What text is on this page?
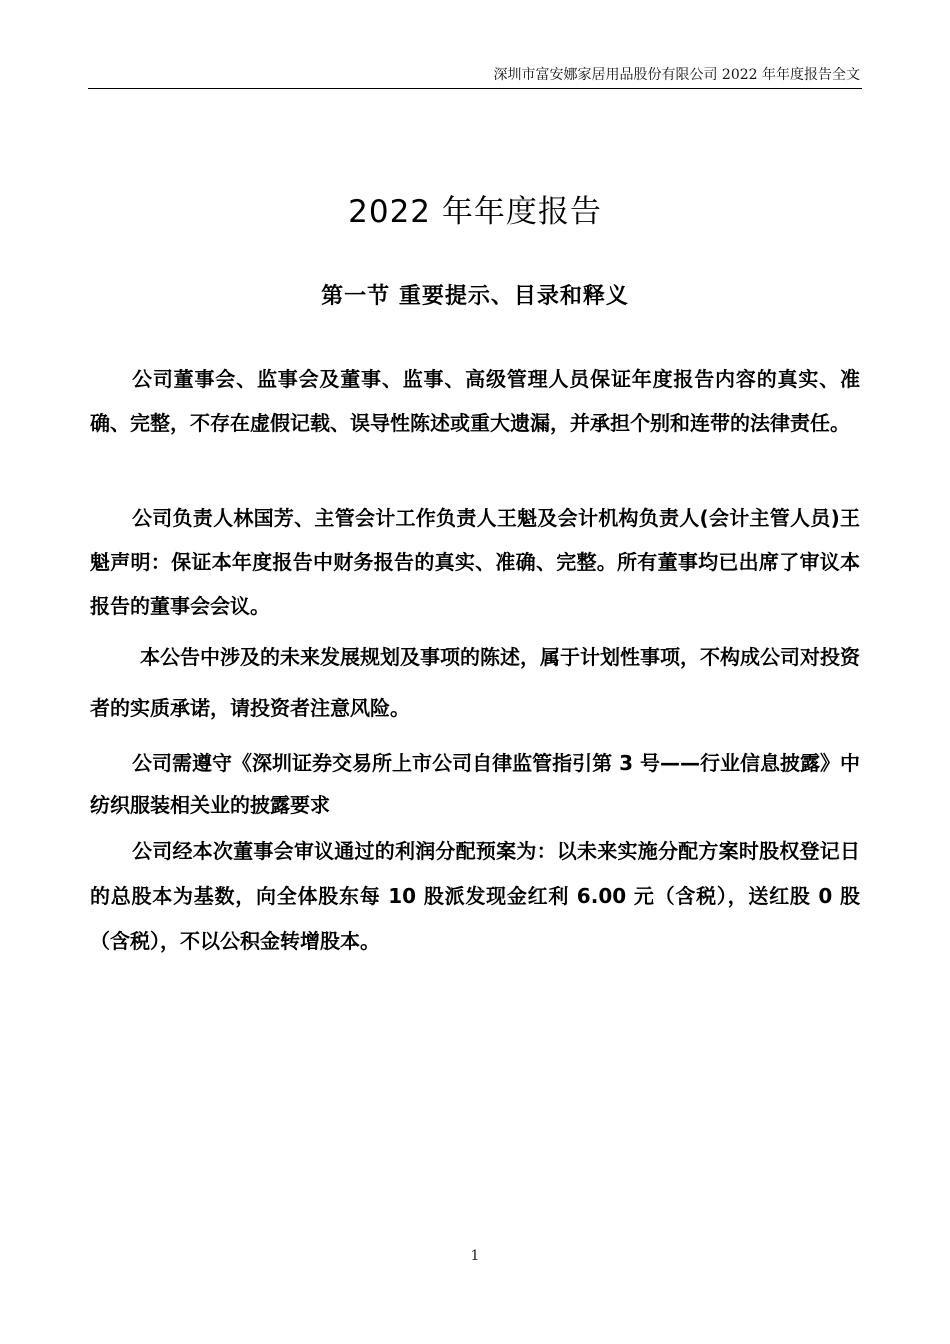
深圳市富安娜家居用品股份有限公司 2022 年年度报告全文
2022 年年度报告
第一节 重要提示、目录和释义

公司董事会、监事会及董事、监事、高级管理人员保证年度报告内容的真实、准确、完整，不存在虚假记载、误导性陈述或重大遗漏，并承担个别和连带的法律责任。

公司负责人林国芳、主管会计工作负责人王魁及会计机构负责人(会计主管人员)王魁声明：保证本年度报告中财务报告的真实、准确、完整。所有董事均已出席了审议本报告的董事会会议。

本公告中涉及的未来发展规划及事项的陈述，属于计划性事项，不构成公司对投资者的实质承诺，请投资者注意风险。

公司需遵守《深圳证券交易所上市公司自律监管指引第 3 号——行业信息披露》中纺织服装相关业的披露要求

公司经本次董事会审议通过的利润分配预案为：以未来实施分配方案时股权登记日的总股本为基数，向全体股东每 10 股派发现金红利 6.00 元（含税），送红股 0 股（含税），不以公积金转增股本。

1
